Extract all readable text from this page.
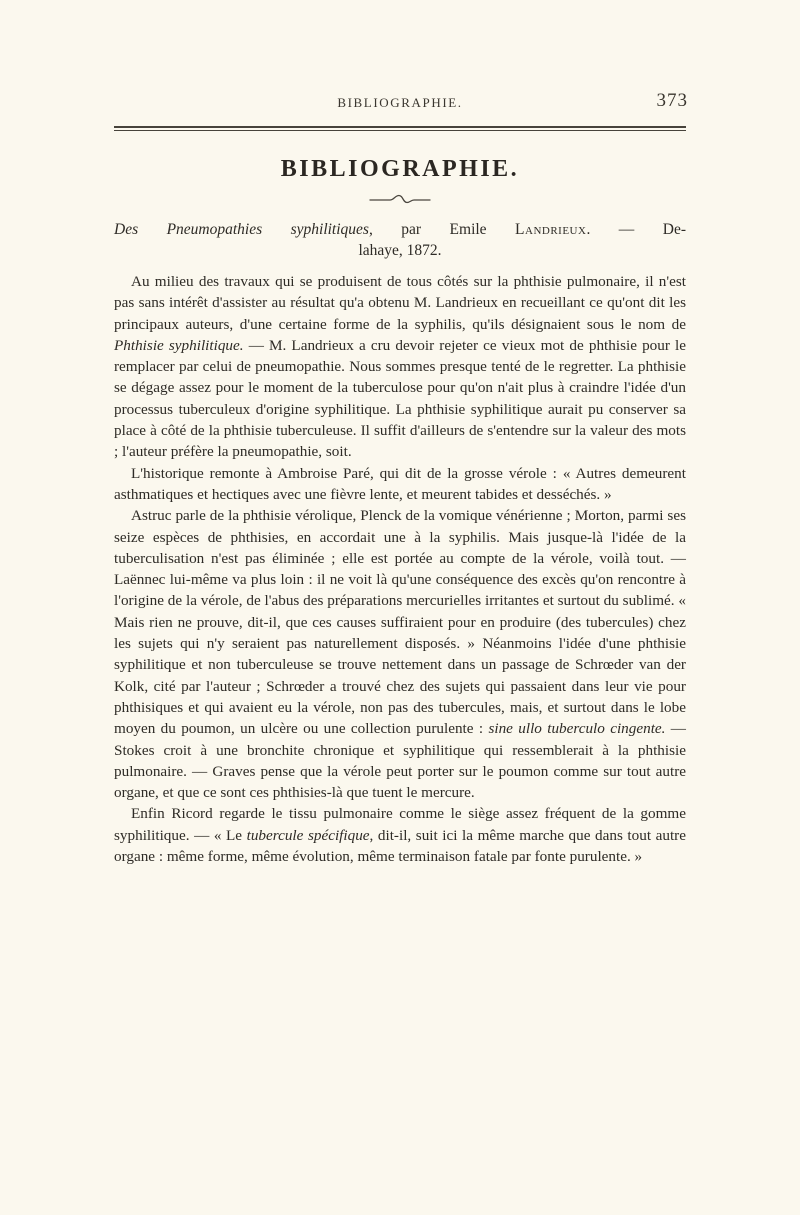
BIBLIOGRAPHIE.	373
BIBLIOGRAPHIE.

Des Pneumopathies syphilitiques, par Emile Landrieux. — De-

lahaye, 1872.

Au milieu des travaux qui se produisent de tous côtés sur la phthisie pulmonaire, il n'est pas sans intérêt d'assister au résultat qu'a obtenu M. Landrieux en recueillant ce qu'ont dit les principaux auteurs, d'une certaine forme de la syphilis, qu'ils désignaient sous le nom de Phthisie syphilitique. — M. Landrieux a cru devoir rejeter ce vieux mot de phthisie pour le remplacer par celui de pneumopathie. Nous sommes presque tenté de le regretter. La phthisie se dégage assez pour le moment de la tuberculose pour qu'on n'ait plus à craindre l'idée d'un processus tuberculeux d'origine syphilitique. La phthisie syphilitique aurait pu conserver sa place à côté de la phthisie tuberculeuse. Il suffit d'ailleurs de s'entendre sur la valeur des mots ; l'auteur préfère la pneumopathie, soit.

L'historique remonte à Ambroise Paré, qui dit de la grosse vérole : « Autres demeurent asthmatiques et hectiques avec une fièvre lente, et meurent tabides et desséchés. »

Astruc parle de la phthisie vérolique, Plenck de la vomique vénérienne ; Morton, parmi ses seize espèces de phthisies, en accordait une à la syphilis. Mais jusque-là l'idée de la tuberculisation n'est pas éliminée ; elle est portée au compte de la vérole, voilà tout. — Laënnec lui-même va plus loin : il ne voit là qu'une conséquence des excès qu'on rencontre à l'origine de la vérole, de l'abus des préparations mercurielles irritantes et surtout du sublimé. « Mais rien ne prouve, dit-il, que ces causes suffiraient pour en produire (des tubercules) chez les sujets qui n'y seraient pas naturellement disposés. » Néanmoins l'idée d'une phthisie syphilitique et non tuberculeuse se trouve nettement dans un passage de Schrœder van der Kolk, cité par l'auteur ; Schrœder a trouvé chez des sujets qui passaient dans leur vie pour phthisiques et qui avaient eu la vérole, non pas des tubercules, mais, et surtout dans le lobe moyen du poumon, un ulcère ou une collection purulente : sine ullo tuberculo cingente. — Stokes croit à une bronchite chronique et syphilitique qui ressemblerait à la phthisie pulmonaire. — Graves pense que la vérole peut porter sur le poumon comme sur tout autre organe, et que ce sont ces phthisies-là que tuent le mercure.

Enfin Ricord regarde le tissu pulmonaire comme le siège assez fréquent de la gomme syphilitique. — « Le tubercule spécifique, dit-il, suit ici la même marche que dans tout autre organe : même forme, même évolution, même terminaison fatale par fonte purulente. »
